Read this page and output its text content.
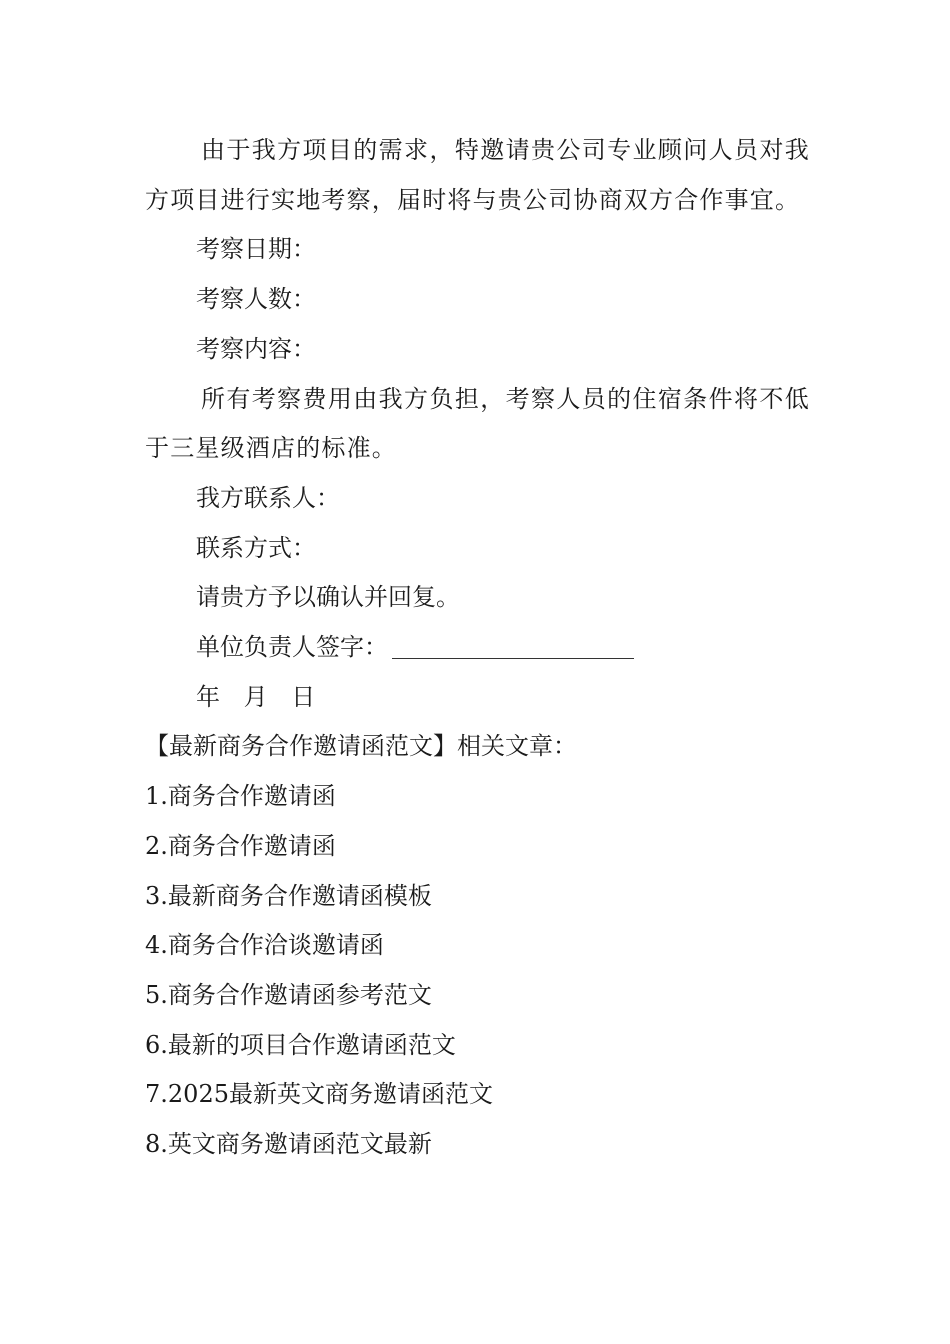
由于我方项目的需求，特邀请贵公司专业顾问人员对我方项目进行实地考察，届时将与贵公司协商双方合作事宜。
考察日期：
考察人数：
考察内容：
所有考察费用由我方负担，考察人员的住宿条件将不低于三星级酒店的标准。
我方联系人：
联系方式：
请贵方予以确认并回复。
单位负责人签字：
年 月 日
【最新商务合作邀请函范文】相关文章：
1.商务合作邀请函
2.商务合作邀请函
3.最新商务合作邀请函模板
4.商务合作洽谈邀请函
5.商务合作邀请函参考范文
6.最新的项目合作邀请函范文
7.2025最新英文商务邀请函范文
8.英文商务邀请函范文最新
